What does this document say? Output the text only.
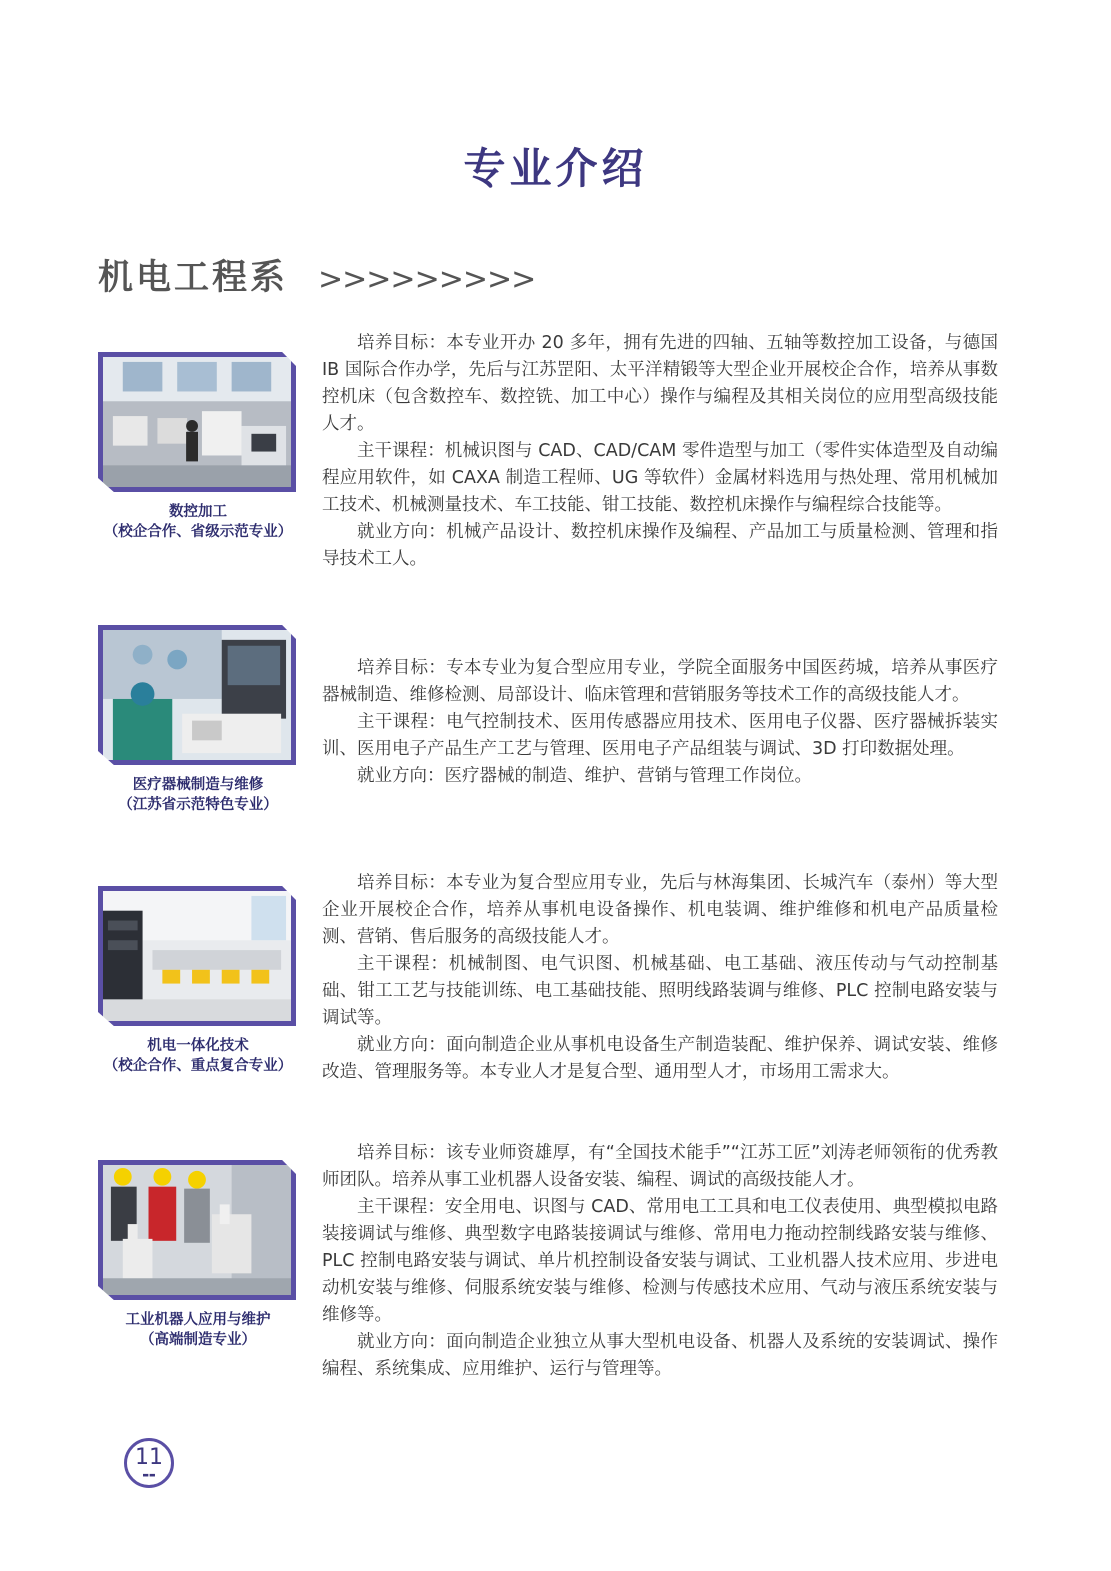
专业介绍
机电工程系 >>>>>>>>>
数控加工
（校企合作、省级示范专业）

培养目标：本专业开办 20 多年，拥有先进的四轴、五轴等数控加工设备，与德国 IB 国际合作办学，先后与江苏罡阳、太平洋精锻等大型企业开展校企合作，培养从事数控机床（包含数控车、数控铣、加工中心）操作与编程及其相关岗位的应用型高级技能人才。

主干课程：机械识图与 CAD、CAD/CAM 零件造型与加工（零件实体造型及自动编程应用软件，如 CAXA 制造工程师、UG 等软件）金属材料选用与热处理、常用机械加工技术、机械测量技术、车工技能、钳工技能、数控机床操作与编程综合技能等。

就业方向：机械产品设计、数控机床操作及编程、产品加工与质量检测、管理和指导技术工人。

医疗器械制造与维修
（江苏省示范特色专业）

培养目标：专本专业为复合型应用专业，学院全面服务中国医药城，培养从事医疗器械制造、维修检测、局部设计、临床管理和营销服务等技术工作的高级技能人才。

主干课程：电气控制技术、医用传感器应用技术、医用电子仪器、医疗器械拆装实训、医用电子产品生产工艺与管理、医用电子产品组装与调试、3D 打印数据处理。

就业方向：医疗器械的制造、维护、营销与管理工作岗位。

机电一体化技术
（校企合作、重点复合专业）

培养目标：本专业为复合型应用专业，先后与林海集团、长城汽车（泰州）等大型企业开展校企合作，培养从事机电设备操作、机电装调、维护维修和机电产品质量检测、营销、售后服务的高级技能人才。

主干课程：机械制图、电气识图、机械基础、电工基础、液压传动与气动控制基础、钳工工艺与技能训练、电工基础技能、照明线路装调与维修、PLC 控制电路安装与调试等。

就业方向：面向制造企业从事机电设备生产制造装配、维护保养、调试安装、维修改造、管理服务等。本专业人才是复合型、通用型人才，市场用工需求大。

工业机器人应用与维护
（高端制造专业）

培养目标：该专业师资雄厚，有“全国技术能手”“江苏工匠”刘涛老师领衔的优秀教师团队。培养从事工业机器人设备安装、编程、调试的高级技能人才。

主干课程：安全用电、识图与 CAD、常用电工工具和电工仪表使用、典型模拟电路装接调试与维修、典型数字电路装接调试与维修、常用电力拖动控制线路安装与维修、PLC 控制电路安装与调试、单片机控制设备安装与调试、工业机器人技术应用、步进电动机安装与维修、伺服系统安装与维修、检测与传感技术应用、气动与液压系统安装与维修等。

就业方向：面向制造企业独立从事大型机电设备、机器人及系统的安装调试、操作编程、系统集成、应用维护、运行与管理等。

11
▬▬
